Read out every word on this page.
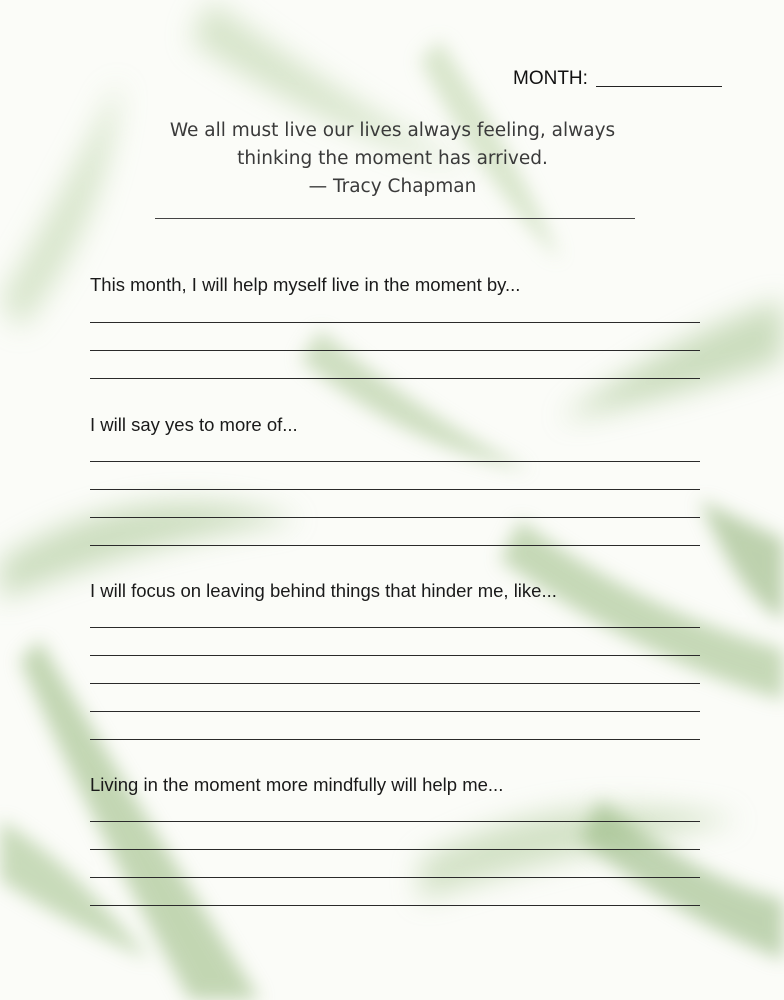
MONTH:
We all must live our lives always feeling, always
thinking the moment has arrived.
— Tracy Chapman
This month, I will help myself live in the moment by...
I will say yes to more of...
I will focus on leaving behind things that hinder me, like...
Living in the moment more mindfully will help me...
